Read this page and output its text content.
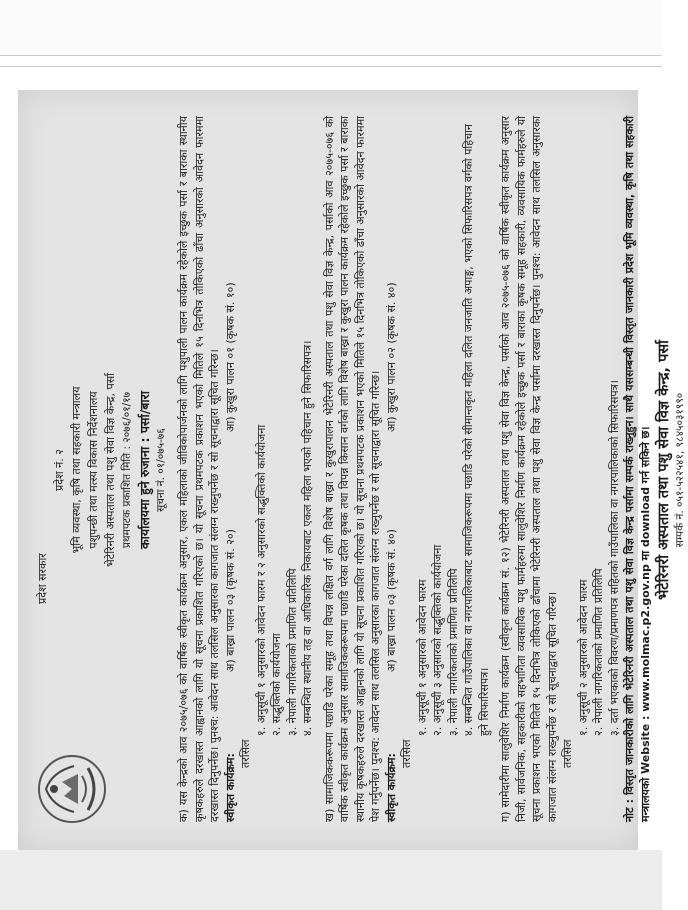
प्रदेश सरकार
प्रदेश नं. २ भूमि व्यवस्था, कृषि तथा सहकारी मन्त्रालय पशुपन्छी तथा मत्स्य विकास निर्देशनालय भेटेरिनरी अस्पताल तथा पशु सेवा विज्ञ केन्द्र, पर्सा प्रथमपटक प्रकाशित मिति : २०७६/०१/१७ कार्यालयमा हुने रुजाना : पर्सा/बारा सूचना नं. ०१/०७५-७६ क) यस केन्द्रको आव २०७५/०७६ को वार्षिक स्वीकृत कार्यक्रम अनुसार, एकल महिलाको जीविकोपार्जनको लागि पशुपाली पालन कार्यक्रम रहेकोले इच्छुक पर्सा र बाराका स्थानीय कृषकहरुले दरखास्त आह्वानको लागि यो सूचना प्रकाशित गरिएको छ। यो सूचना प्रथमपटक प्रकाशन भएको मितिले १५ दिनभित्र तोकिएको ढाँचा अनुसारको आवेदन फारममा दरखास्त दिनुपर्नेछ। पुनश्च: आवेदन साथ तलसिल अनुसारका कागजात संलग्न राख्नुपर्नेछ र सो सूचनाद्वारा सूचित गरिन्छ। स्वीकृत कार्यक्रम:
अ) बाख्रा पालन ०३ (कृषक सं. २०)
आ) कुखुरा पालन ०१ (कृषक सं. १०)
तरसिल
१. अनुसूची १ अनुसारको आवेदन फारम र २ अनुसारको सद्भुक्तिको कार्ययोजना २. सद्भुक्तिको कार्ययोजना ३. नेपाली नागरिकताको प्रमाणित प्रतिलिपि ४. सम्बन्धित स्थानीय तह वा आधिकारिक निकायबाट एकल महिला भएको पहिचान हुने सिफारिसपत्र। ख) सामाजिककरूपमा पछाडि परेका समूह तथा विपन्न लक्षित वर्ग लागि विशेष बाख्रा र कुखुरापालन भेटेरिनरी अस्पताल तथा पशु सेवा विज्ञ केन्द्र, पर्साको आव २०७५-०७६ को वार्षिक स्वीकृत कार्यक्रम अनुसार सामाजिककरूपमा पछाडि परेका दलित कृषक तथा विपन्न किसान वर्गको लागि विशेष बाख्रा र कुखुरा पालन कार्यक्रम रहेकोले इच्छुक पर्सा र बाराका स्थानीय कृषकहरुले दरखास्त आह्वानको लागि यो सूचना प्रकाशित गरिएको छ। यो सूचना प्रथमपटक प्रकाशन भएको मितिले १५ दिनभित्र तोकिएको ढाँचा अनुसारको आवेदन फारममा पेश गर्नुपर्नेछ। पुनश्च: आवेदन साथ तलसिल अनुसारका कागजात संलग्न राख्नुपर्नेछ र सो सूचनाद्वारा सूचित गरिन्छ। स्वीकृत कार्यक्रम:
अ) बाख्रा पालन ०३ (कृषक सं. ४०)
आ) कुखुरा पालन ०२ (कृषक सं. ४०)
तरसिल
१. अनुसूची १ अनुसारको आवेदन फारम २. अनुसूची ३ अनुसारको सद्भुक्तिको कार्ययोजना ३. नेपाली नागरिकताको प्रमाणित प्रतिलिपि ४. सम्बन्धित गाउँपालिका वा नगरपालिकाबाट सामाजिकरूपमा पछाडि परेको सीमान्तकृत महिला दलित जनजाति अपाङ्ग, भएको सिफारिसपत्र वर्गको पहिचान हुने सिफारिसपत्र। ग) सामेदारीमा सालुवेशिर निर्माण कार्यक्रम (स्वीकृत कार्यक्रम सं. १२) भेटेरिनरी अस्पताल तथा पशु सेवा विज्ञ केन्द्र, पर्साको आव २०७५-०७६ को वार्षिक स्वीकृत कार्यक्रम अनुसार निजी, सार्वजनिक, सहकारीको सहभागिता व्यवसायिक पशु फार्महरुमा सालुवेशिर निर्माण कार्यक्रम रहेकोले इच्छुक पर्सा र बाराका कृषक समूह सहकारी, व्यवसायिक फार्महरुले यो सूचना प्रकाशन भएको मितिले १५ दिनभित्र तोकिएको ढाँचामा भेटेरिनरी अस्पताल तथा पशु सेवा विज्ञ केन्द्र पर्सामा दरखास्त दिनुपर्नेछ। पुनश्च: आवेदन साथ तलसिल अनुसारका कागजात संलग्न राख्नुपर्नेछ र सो सूचनाद्वारा सूचित गरिन्छ। तरसिल
१. अनुसूची २ अनुसारको आवेदन फारम २. नेपाली नागरिकताको प्रमाणित प्रतिलिपि ३. दर्ता भएकाको विवरण/प्रमाणपत्र सहितको गाउँपालिका वा नगरपालिकाको सिफारिसपत्र। नोट : विस्तृत जानकारीको लागि भेटेरिनरी अस्पताल तथा पशु सेवा विज्ञ केन्द्र पर्सामा सम्पर्क राख्नुहुन। साथै यससम्बन्धी विस्तृत जानकारी प्रदेश भूमि व्यवस्था, कृषि तथा सहकारी मन्त्रालयको Website : www.molmac.p2.gov.np मा download गर्न सकिने छ। भेटेरिनरी अस्पताल तथा पशु सेवा विज्ञ केन्द्र, पर्सा सम्पर्क नं. ०५१-५२२५४१, ९८४५०३१९९०
